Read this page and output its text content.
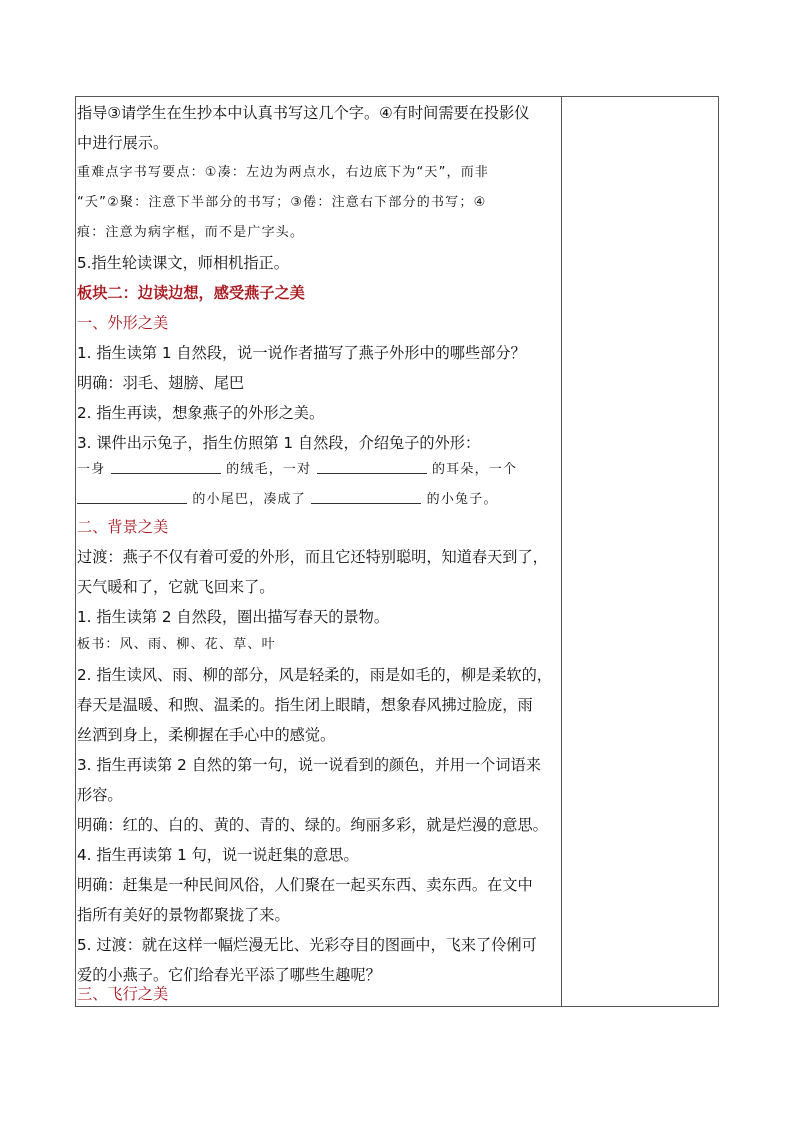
指导③请学生在生抄本中认真书写这几个字。④有时间需要在投影仪
中进行展示。
重难点字书写要点：①凑：左边为两点水，右边底下为“天”，而非
“夭”②聚：注意下半部分的书写；③倦：注意右下部分的书写；④
痕：注意为病字框，而不是广字头。
5.指生轮读课文，师相机指正。
板块二：边读边想，感受燕子之美
一、外形之美
1. 指生读第 1 自然段，说一说作者描写了燕子外形中的哪些部分？
明确：羽毛、翅膀、尾巴
2. 指生再读，想象燕子的外形之美。
3. 课件出示兔子，指生仿照第 1 自然段，介绍兔子的外形：
一身	的绒毛，一对	的耳朵，一个
的小尾巴，凑成了	的小兔子。
二、背景之美
过渡：燕子不仅有着可爱的外形，而且它还特别聪明，知道春天到了，
天气暖和了，它就飞回来了。
1. 指生读第 2 自然段，圈出描写春天的景物。
板书：风、雨、柳、花、草、叶
2. 指生读风、雨、柳的部分，风是轻柔的，雨是如毛的，柳是柔软的，
春天是温暖、和煦、温柔的。指生闭上眼睛，想象春风拂过脸庞，雨
丝洒到身上，柔柳握在手心中的感觉。
3. 指生再读第 2 自然的第一句，说一说看到的颜色，并用一个词语来
形容。
明确：红的、白的、黄的、青的、绿的。绚丽多彩，就是烂漫的意思。
4. 指生再读第 1 句，说一说赶集的意思。
明确：赶集是一种民间风俗，人们聚在一起买东西、卖东西。在文中
指所有美好的景物都聚拢了来。
5. 过渡：就在这样一幅烂漫无比、光彩夺目的图画中，飞来了伶俐可
爱的小燕子。它们给春光平添了哪些生趣呢？
三、飞行之美
